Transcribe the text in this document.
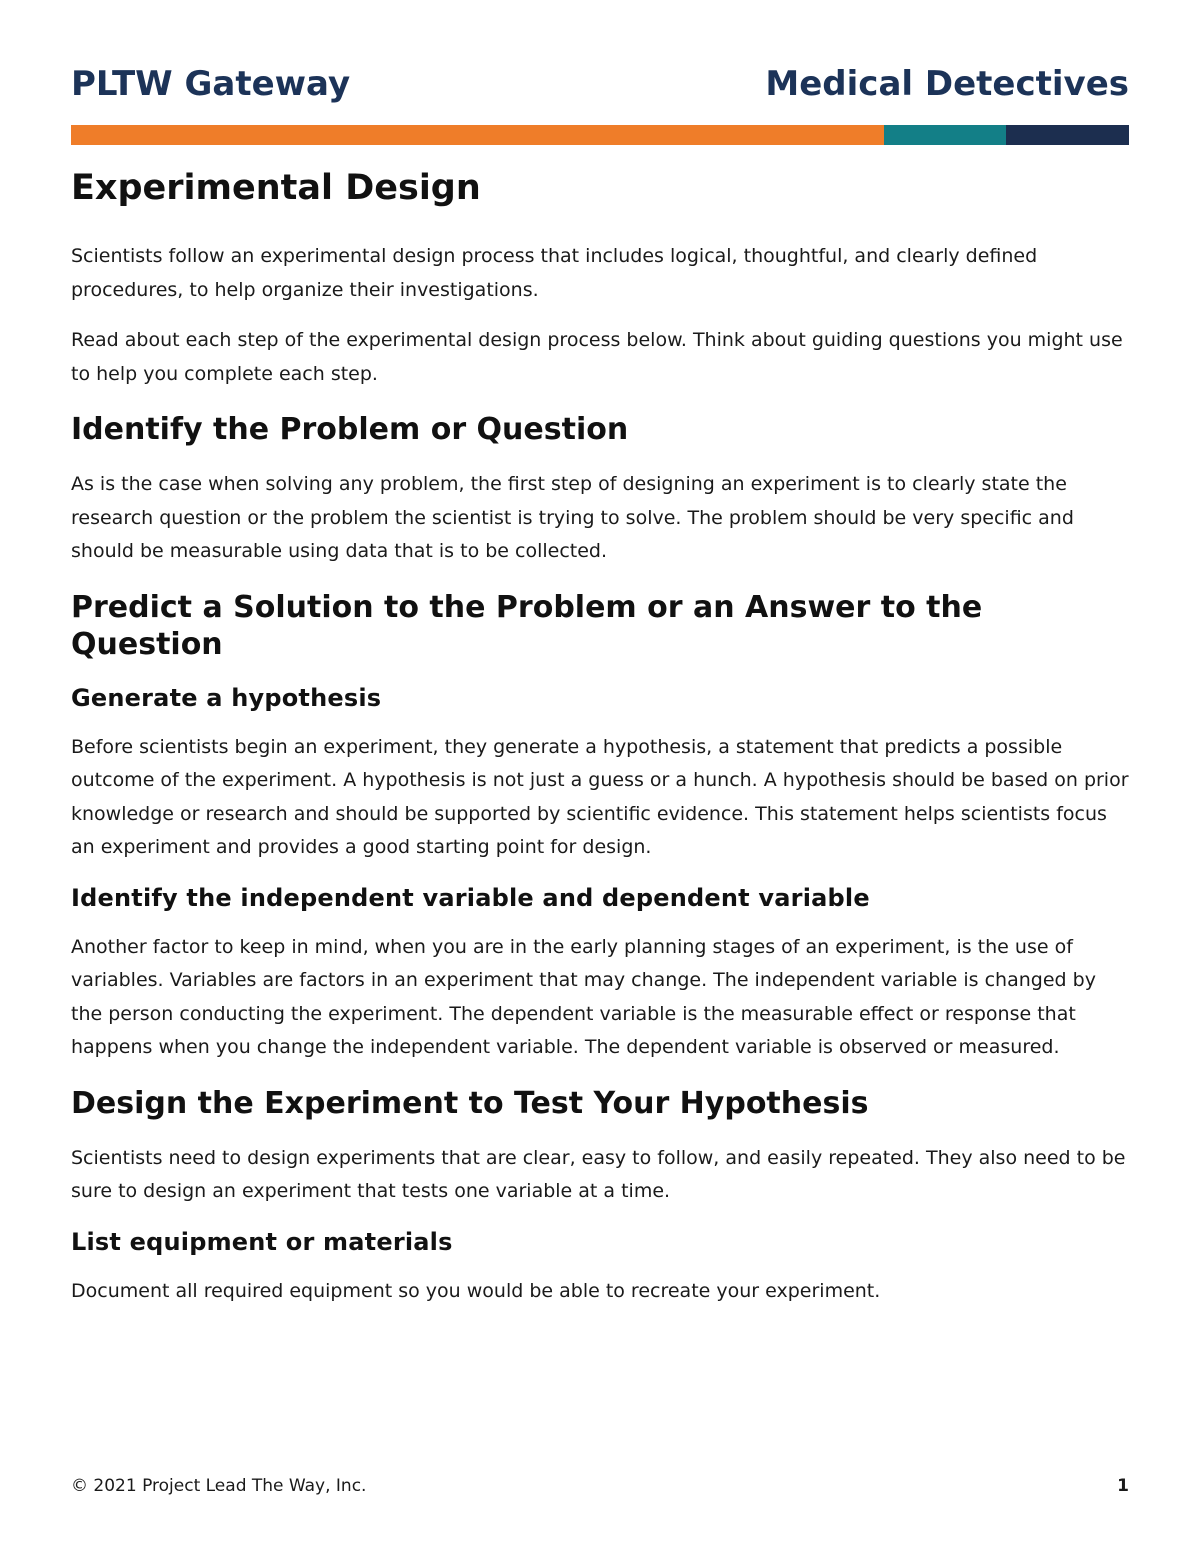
PLTW Gateway	Medical Detectives
Experimental Design

Scientists follow an experimental design process that includes logical, thoughtful, and clearly defined procedures, to help organize their investigations.

Read about each step of the experimental design process below. Think about guiding questions you might use to help you complete each step.

Identify the Problem or Question

As is the case when solving any problem, the first step of designing an experiment is to clearly state the research question or the problem the scientist is trying to solve. The problem should be very specific and should be measurable using data that is to be collected.

Predict a Solution to the Problem or an Answer to the Question
Generate a hypothesis

Before scientists begin an experiment, they generate a hypothesis, a statement that predicts a possible outcome of the experiment. A hypothesis is not just a guess or a hunch. A hypothesis should be based on prior knowledge or research and should be supported by scientific evidence. This statement helps scientists focus an experiment and provides a good starting point for design.

Identify the independent variable and dependent variable

Another factor to keep in mind, when you are in the early planning stages of an experiment, is the use of variables. Variables are factors in an experiment that may change. The independent variable is changed by the person conducting the experiment. The dependent variable is the measurable effect or response that happens when you change the independent variable. The dependent variable is observed or measured.

Design the Experiment to Test Your Hypothesis

Scientists need to design experiments that are clear, easy to follow, and easily repeated. They also need to be sure to design an experiment that tests one variable at a time.

List equipment or materials

Document all required equipment so you would be able to recreate your experiment.

© 2021 Project Lead The Way, Inc.	1
